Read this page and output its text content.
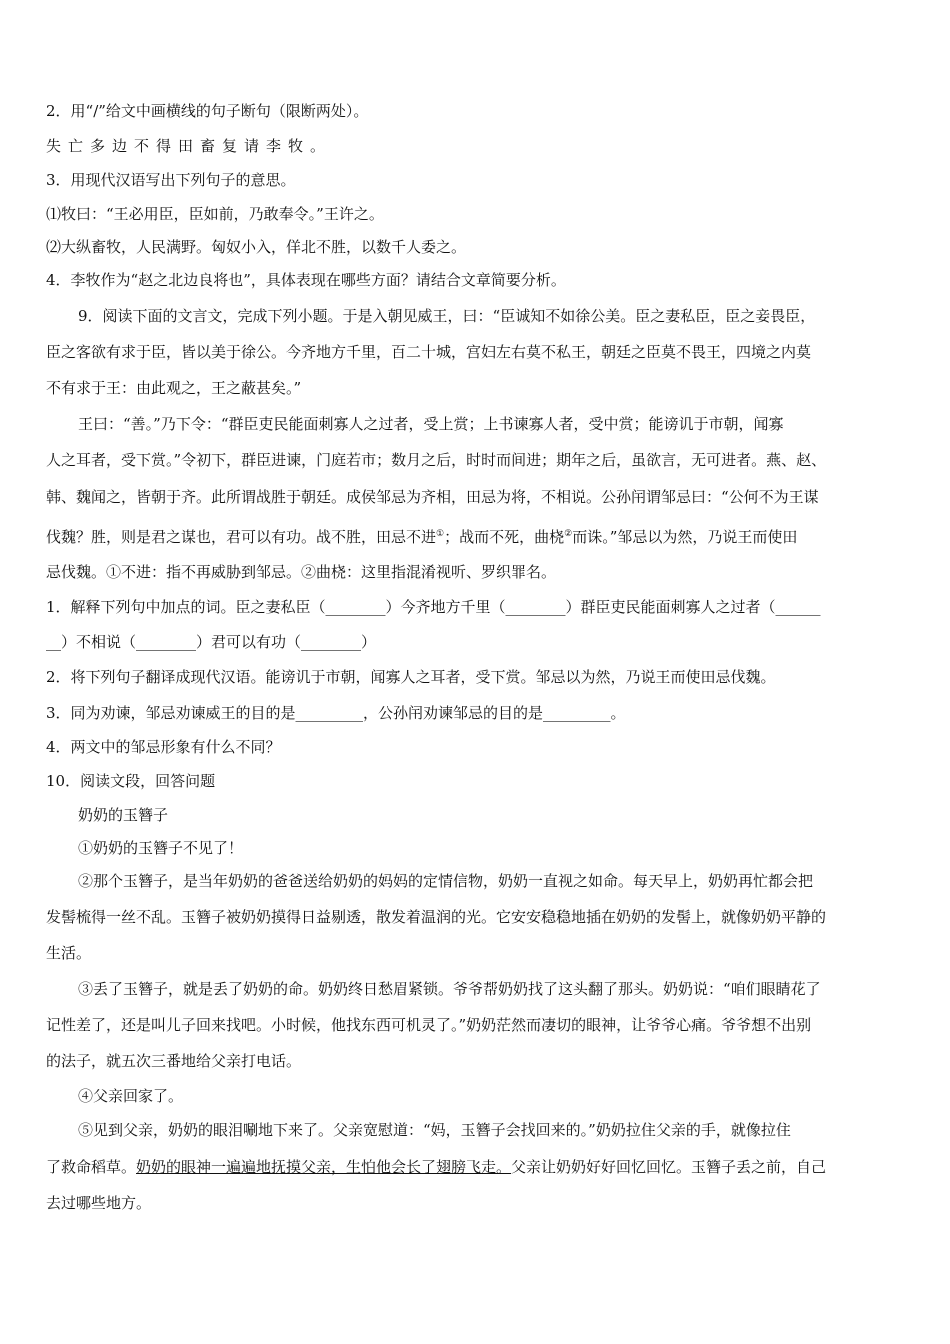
2．用“/”给文中画横线的句子断句（限断两处）。
失亡多边不得田畜复请李牧。
3．用现代汉语写出下列句子的意思。
⑴牧曰：“王必用臣，臣如前，乃敢奉令。”王许之。
⑵大纵畜牧，人民满野。匈奴小入，佯北不胜，以数千人委之。
4．李牧作为“赵之北边良将也”，具体表现在哪些方面？请结合文章简要分析。
9．阅读下面的文言文，完成下列小题。于是入朝见威王，曰：“臣诚知不如徐公美。臣之妻私臣，臣之妾畏臣，
臣之客欲有求于臣，皆以美于徐公。今齐地方千里，百二十城，宫妇左右莫不私王，朝廷之臣莫不畏王，四境之内莫
不有求于王：由此观之，王之蔽甚矣。”
王曰：“善。”乃下令：“群臣吏民能面刺寡人之过者，受上赏；上书谏寡人者，受中赏；能谤讥于市朝，闻寡
人之耳者，受下赏。”令初下，群臣进谏，门庭若市；数月之后，时时而间进；期年之后，虽欲言，无可进者。燕、赵、
韩、魏闻之，皆朝于齐。此所谓战胜于朝廷。成侯邹忌为齐相，田忌为将，不相说。公孙闬谓邹忌曰：“公何不为王谋
伐魏？胜，则是君之谋也，君可以有功。战不胜，田忌不进①；战而不死，曲桡②而诛。”邹忌以为然，乃说王而使田
忌伐魏。①不进：指不再威胁到邹忌。②曲桡：这里指混淆视听、罗织罪名。
1．解释下列句中加点的词。臣之妻私臣（________）今齐地方千里（________）群臣吏民能面刺寡人之过者（______
__）不相说（________）君可以有功（________）
2．将下列句子翻译成现代汉语。能谤讥于市朝，闻寡人之耳者，受下赏。邹忌以为然，乃说王而使田忌伐魏。
3．同为劝谏，邹忌劝谏威王的目的是_________，公孙闬劝谏邹忌的目的是_________。
4．两文中的邹忌形象有什么不同？
10．阅读文段，回答问题
奶奶的玉簪子
①奶奶的玉簪子不见了！
②那个玉簪子，是当年奶奶的爸爸送给奶奶的妈妈的定情信物，奶奶一直视之如命。每天早上，奶奶再忙都会把
发髻梳得一丝不乱。玉簪子被奶奶摸得日益剔透，散发着温润的光。它安安稳稳地插在奶奶的发髻上，就像奶奶平静的
生活。
③丢了玉簪子，就是丢了奶奶的命。奶奶终日愁眉紧锁。爷爷帮奶奶找了这头翻了那头。奶奶说：“咱们眼睛花了
记性差了，还是叫儿子回来找吧。小时候，他找东西可机灵了。”奶奶茫然而凄切的眼神，让爷爷心痛。爷爷想不出别
的法子，就五次三番地给父亲打电话。
④父亲回家了。
⑤见到父亲，奶奶的眼泪唰地下来了。父亲宽慰道：“妈，玉簪子会找回来的。”奶奶拉住父亲的手，就像拉住
了救命稻草。奶奶的眼神一遍遍地抚摸父亲，生怕他会长了翅膀飞走。父亲让奶奶好好回忆回忆。玉簪子丢之前，自己
去过哪些地方。
